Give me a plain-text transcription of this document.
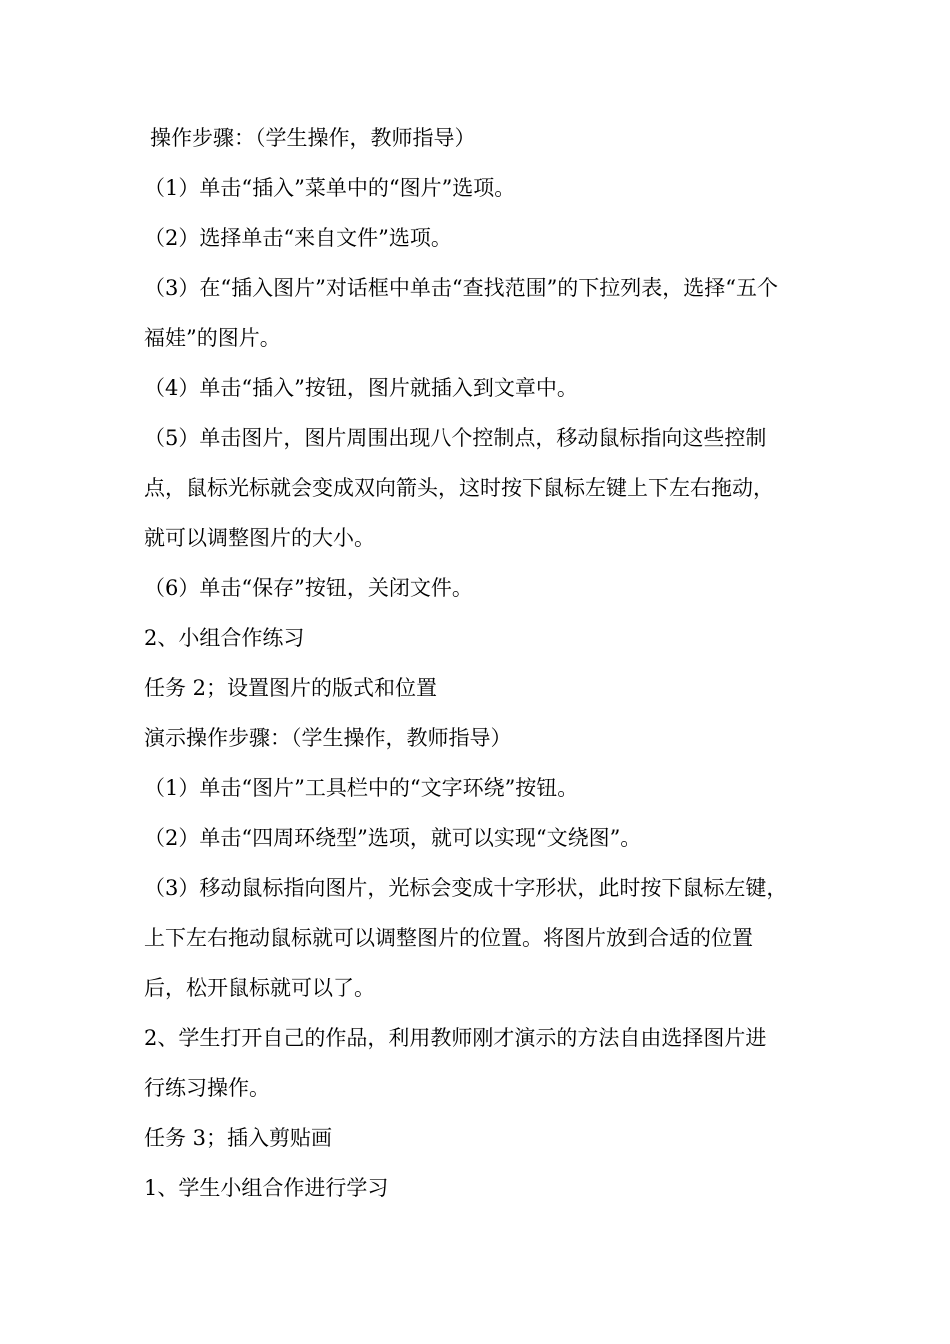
操作步骤：（学生操作，教师指导）
（1）单击“插入”菜单中的“图片”选项。
（2）选择单击“来自文件”选项。
（3）在“插入图片”对话框中单击“查找范围”的下拉列表，选择“五个
福娃”的图片。
（4）单击“插入”按钮，图片就插入到文章中。
（5）单击图片，图片周围出现八个控制点，移动鼠标指向这些控制
点，鼠标光标就会变成双向箭头，这时按下鼠标左键上下左右拖动，
就可以调整图片的大小。
（6）单击“保存”按钮，关闭文件。
2、小组合作练习
任务 2；设置图片的版式和位置
演示操作步骤：（学生操作，教师指导）
（1）单击“图片”工具栏中的“文字环绕”按钮。
（2）单击“四周环绕型”选项，就可以实现“文绕图”。
（3）移动鼠标指向图片，光标会变成十字形状，此时按下鼠标左键，
上下左右拖动鼠标就可以调整图片的位置。将图片放到合适的位置
后，松开鼠标就可以了。
2、学生打开自己的作品，利用教师刚才演示的方法自由选择图片进
行练习操作。
任务 3；插入剪贴画
1、学生小组合作进行学习
